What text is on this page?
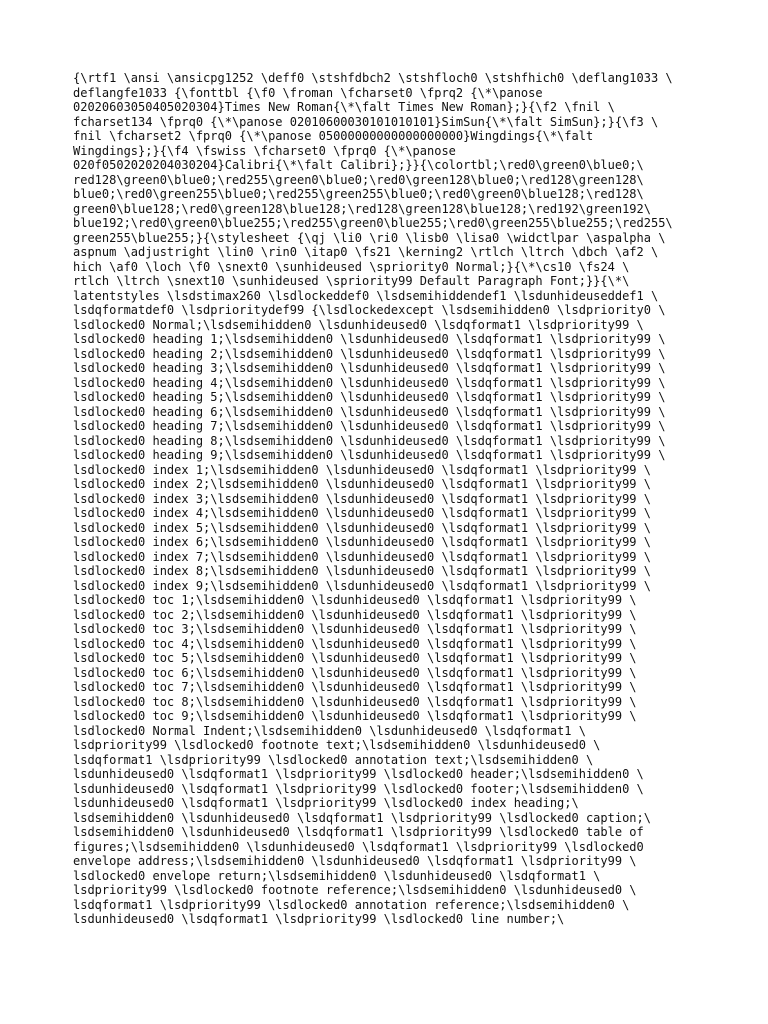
{\rtf1 \ansi \ansicpg1252 \deff0 \stshfdbch2 \stshfloch0 \stshfhich0 \deflang1033 \
deflangfe1033 {\fonttbl {\f0 \froman \fcharset0 \fprq2 {\*\panose
02020603050405020304}Times New Roman{\*\falt Times New Roman};}{\f2 \fnil \
fcharset134 \fprq0 {\*\panose 02010600030101010101}SimSun{\*\falt SimSun};}{\f3 \
fnil \fcharset2 \fprq0 {\*\panose 05000000000000000000}Wingdings{\*\falt
Wingdings};}{\f4 \fswiss \fcharset0 \fprq0 {\*\panose
020f0502020204030204}Calibri{\*\falt Calibri};}}{\colortbl;\red0\green0\blue0;\
red128\green0\blue0;\red255\green0\blue0;\red0\green128\blue0;\red128\green128\
blue0;\red0\green255\blue0;\red255\green255\blue0;\red0\green0\blue128;\red128\
green0\blue128;\red0\green128\blue128;\red128\green128\blue128;\red192\green192\
blue192;\red0\green0\blue255;\red255\green0\blue255;\red0\green255\blue255;\red255\
green255\blue255;}{\stylesheet {\qj \li0 \ri0 \lisb0 \lisa0 \widctlpar \aspalpha \
aspnum \adjustright \lin0 \rin0 \itap0 \fs21 \kerning2 \rtlch \ltrch \dbch \af2 \
hich \af0 \loch \f0 \snext0 \sunhideused \spriority0 Normal;}{\*\cs10 \fs24 \
rtlch \ltrch \snext10 \sunhideused \spriority99 Default Paragraph Font;}}{\*\
latentstyles \lsdstimax260 \lsdlockeddef0 \lsdsemihiddendef1 \lsdunhideuseddef1 \
lsdqformatdef0 \lsdprioritydef99 {\lsdlockedexcept \lsdsemihidden0 \lsdpriority0 \
lsdlocked0 Normal;\lsdsemihidden0 \lsdunhideused0 \lsdqformat1 \lsdpriority99 \
lsdlocked0 heading 1;\lsdsemihidden0 \lsdunhideused0 \lsdqformat1 \lsdpriority99 \
lsdlocked0 heading 2;\lsdsemihidden0 \lsdunhideused0 \lsdqformat1 \lsdpriority99 \
lsdlocked0 heading 3;\lsdsemihidden0 \lsdunhideused0 \lsdqformat1 \lsdpriority99 \
lsdlocked0 heading 4;\lsdsemihidden0 \lsdunhideused0 \lsdqformat1 \lsdpriority99 \
lsdlocked0 heading 5;\lsdsemihidden0 \lsdunhideused0 \lsdqformat1 \lsdpriority99 \
lsdlocked0 heading 6;\lsdsemihidden0 \lsdunhideused0 \lsdqformat1 \lsdpriority99 \
lsdlocked0 heading 7;\lsdsemihidden0 \lsdunhideused0 \lsdqformat1 \lsdpriority99 \
lsdlocked0 heading 8;\lsdsemihidden0 \lsdunhideused0 \lsdqformat1 \lsdpriority99 \
lsdlocked0 heading 9;\lsdsemihidden0 \lsdunhideused0 \lsdqformat1 \lsdpriority99 \
lsdlocked0 index 1;\lsdsemihidden0 \lsdunhideused0 \lsdqformat1 \lsdpriority99 \
lsdlocked0 index 2;\lsdsemihidden0 \lsdunhideused0 \lsdqformat1 \lsdpriority99 \
lsdlocked0 index 3;\lsdsemihidden0 \lsdunhideused0 \lsdqformat1 \lsdpriority99 \
lsdlocked0 index 4;\lsdsemihidden0 \lsdunhideused0 \lsdqformat1 \lsdpriority99 \
lsdlocked0 index 5;\lsdsemihidden0 \lsdunhideused0 \lsdqformat1 \lsdpriority99 \
lsdlocked0 index 6;\lsdsemihidden0 \lsdunhideused0 \lsdqformat1 \lsdpriority99 \
lsdlocked0 index 7;\lsdsemihidden0 \lsdunhideused0 \lsdqformat1 \lsdpriority99 \
lsdlocked0 index 8;\lsdsemihidden0 \lsdunhideused0 \lsdqformat1 \lsdpriority99 \
lsdlocked0 index 9;\lsdsemihidden0 \lsdunhideused0 \lsdqformat1 \lsdpriority99 \
lsdlocked0 toc 1;\lsdsemihidden0 \lsdunhideused0 \lsdqformat1 \lsdpriority99 \
lsdlocked0 toc 2;\lsdsemihidden0 \lsdunhideused0 \lsdqformat1 \lsdpriority99 \
lsdlocked0 toc 3;\lsdsemihidden0 \lsdunhideused0 \lsdqformat1 \lsdpriority99 \
lsdlocked0 toc 4;\lsdsemihidden0 \lsdunhideused0 \lsdqformat1 \lsdpriority99 \
lsdlocked0 toc 5;\lsdsemihidden0 \lsdunhideused0 \lsdqformat1 \lsdpriority99 \
lsdlocked0 toc 6;\lsdsemihidden0 \lsdunhideused0 \lsdqformat1 \lsdpriority99 \
lsdlocked0 toc 7;\lsdsemihidden0 \lsdunhideused0 \lsdqformat1 \lsdpriority99 \
lsdlocked0 toc 8;\lsdsemihidden0 \lsdunhideused0 \lsdqformat1 \lsdpriority99 \
lsdlocked0 toc 9;\lsdsemihidden0 \lsdunhideused0 \lsdqformat1 \lsdpriority99 \
lsdlocked0 Normal Indent;\lsdsemihidden0 \lsdunhideused0 \lsdqformat1 \
lsdpriority99 \lsdlocked0 footnote text;\lsdsemihidden0 \lsdunhideused0 \
lsdqformat1 \lsdpriority99 \lsdlocked0 annotation text;\lsdsemihidden0 \
lsdunhideused0 \lsdqformat1 \lsdpriority99 \lsdlocked0 header;\lsdsemihidden0 \
lsdunhideused0 \lsdqformat1 \lsdpriority99 \lsdlocked0 footer;\lsdsemihidden0 \
lsdunhideused0 \lsdqformat1 \lsdpriority99 \lsdlocked0 index heading;\
lsdsemihidden0 \lsdunhideused0 \lsdqformat1 \lsdpriority99 \lsdlocked0 caption;\
lsdsemihidden0 \lsdunhideused0 \lsdqformat1 \lsdpriority99 \lsdlocked0 table of
figures;\lsdsemihidden0 \lsdunhideused0 \lsdqformat1 \lsdpriority99 \lsdlocked0
envelope address;\lsdsemihidden0 \lsdunhideused0 \lsdqformat1 \lsdpriority99 \
lsdlocked0 envelope return;\lsdsemihidden0 \lsdunhideused0 \lsdqformat1 \
lsdpriority99 \lsdlocked0 footnote reference;\lsdsemihidden0 \lsdunhideused0 \
lsdqformat1 \lsdpriority99 \lsdlocked0 annotation reference;\lsdsemihidden0 \
lsdunhideused0 \lsdqformat1 \lsdpriority99 \lsdlocked0 line number;\
